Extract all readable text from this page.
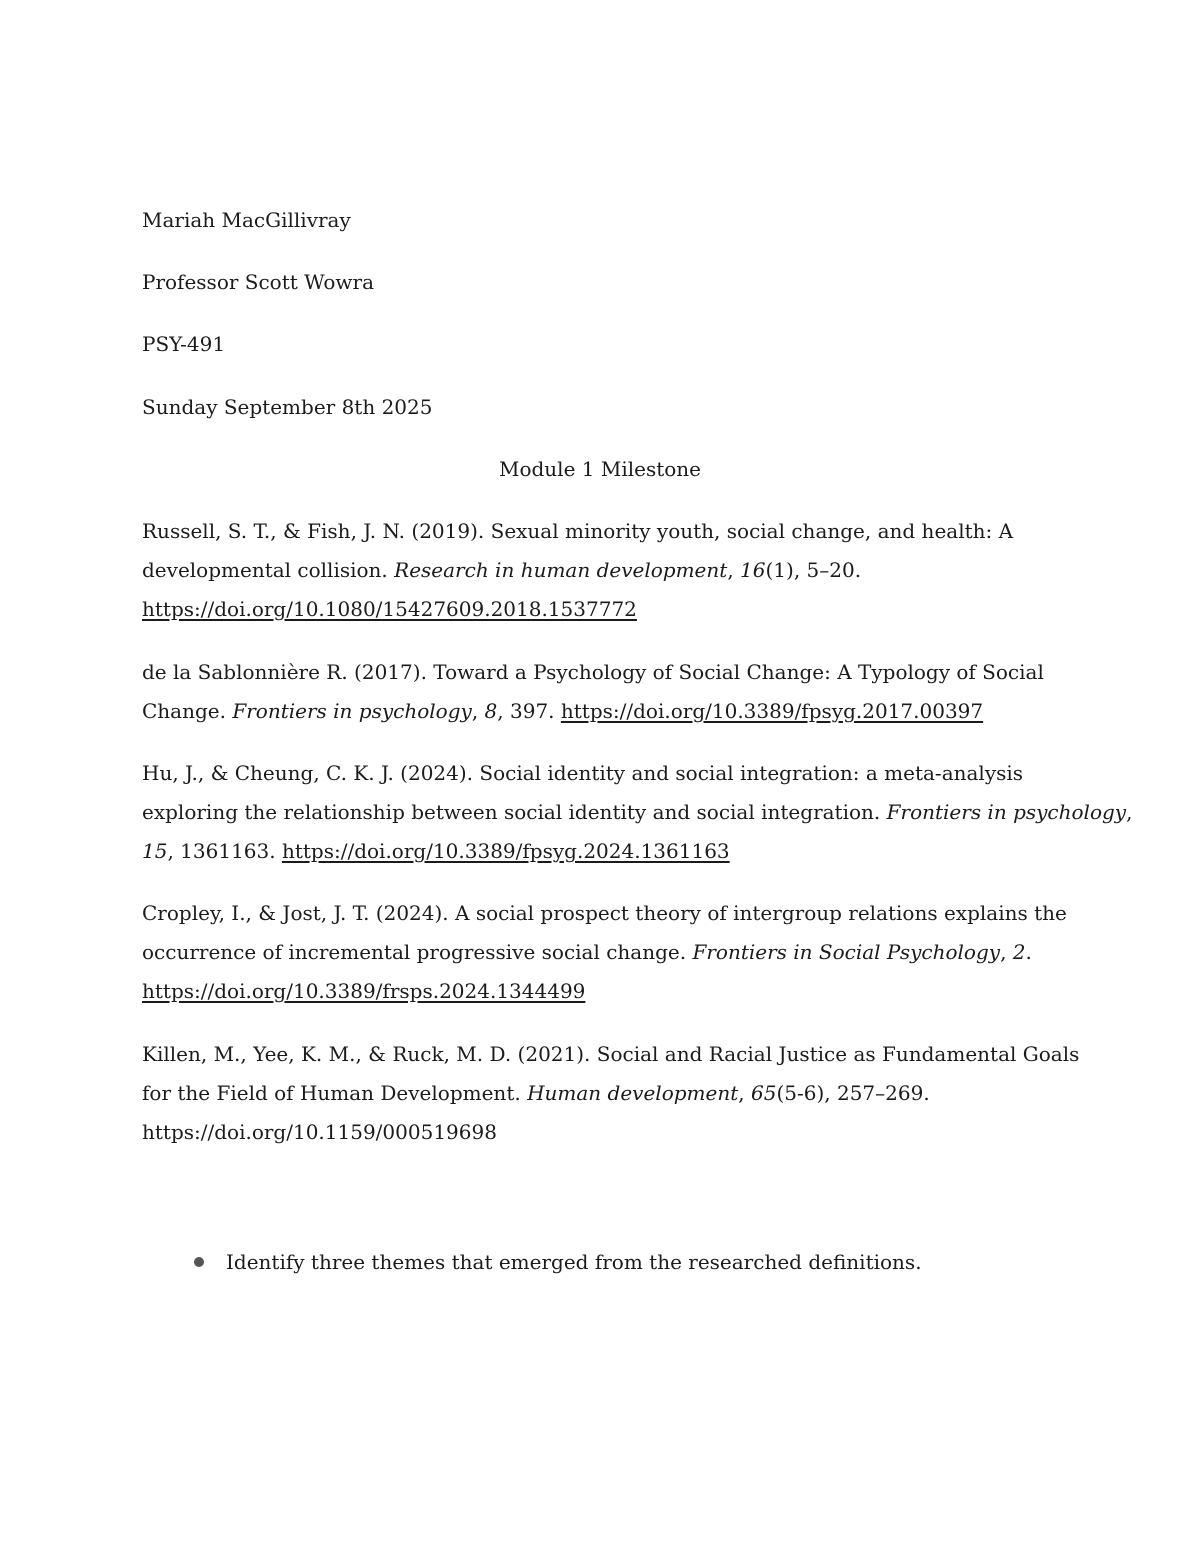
Mariah MacGillivray
Professor Scott Wowra
PSY-491
Sunday September 8th 2025
Module 1 Milestone
Russell, S. T., & Fish, J. N. (2019). Sexual minority youth, social change, and health: A
developmental collision. Research in human development, 16(1), 5–20.
https://doi.org/10.1080/15427609.2018.1537772
de la Sablonnière R. (2017). Toward a Psychology of Social Change: A Typology of Social
Change. Frontiers in psychology, 8, 397. https://doi.org/10.3389/fpsyg.2017.00397
Hu, J., & Cheung, C. K. J. (2024). Social identity and social integration: a meta-analysis
exploring the relationship between social identity and social integration. Frontiers in psychology,
15, 1361163. https://doi.org/10.3389/fpsyg.2024.1361163
Cropley, I., & Jost, J. T. (2024). A social prospect theory of intergroup relations explains the
occurrence of incremental progressive social change. Frontiers in Social Psychology, 2.
https://doi.org/10.3389/frsps.2024.1344499
Killen, M., Yee, K. M., & Ruck, M. D. (2021). Social and Racial Justice as Fundamental Goals
for the Field of Human Development. Human development, 65(5-6), 257–269.
https://doi.org/10.1159/000519698
Identify three themes that emerged from the researched definitions.
